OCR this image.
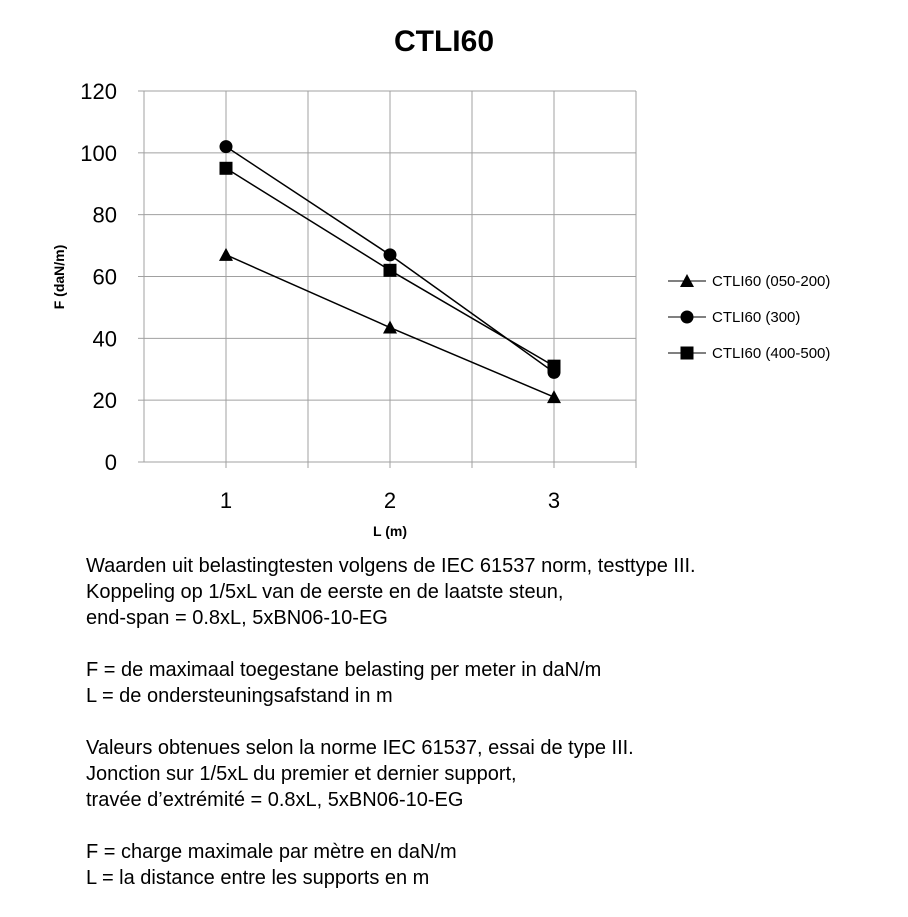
CTLI60
0
20
40
60
80
100
120
1	2	3
F (daN/m)
L (m)
CTLI60 (050-200)
CTLI60 (300)
CTLI60 (400-500)
Waarden uit belastingtesten volgens de IEC 61537 norm, testtype III.
Koppeling op 1/5xL van de eerste en de laatste steun,
end-span = 0.8xL, 5xBN06-10-EG
F = de maximaal toegestane belasting per meter in daN/m
L = de ondersteuningsafstand in m
Valeurs obtenues selon la norme IEC 61537, essai de type III.
Jonction sur 1/5xL du premier et dernier support,
travée d’extrémité = 0.8xL, 5xBN06-10-EG
F = charge maximale par mètre en daN/m
L = la distance entre les supports en m
